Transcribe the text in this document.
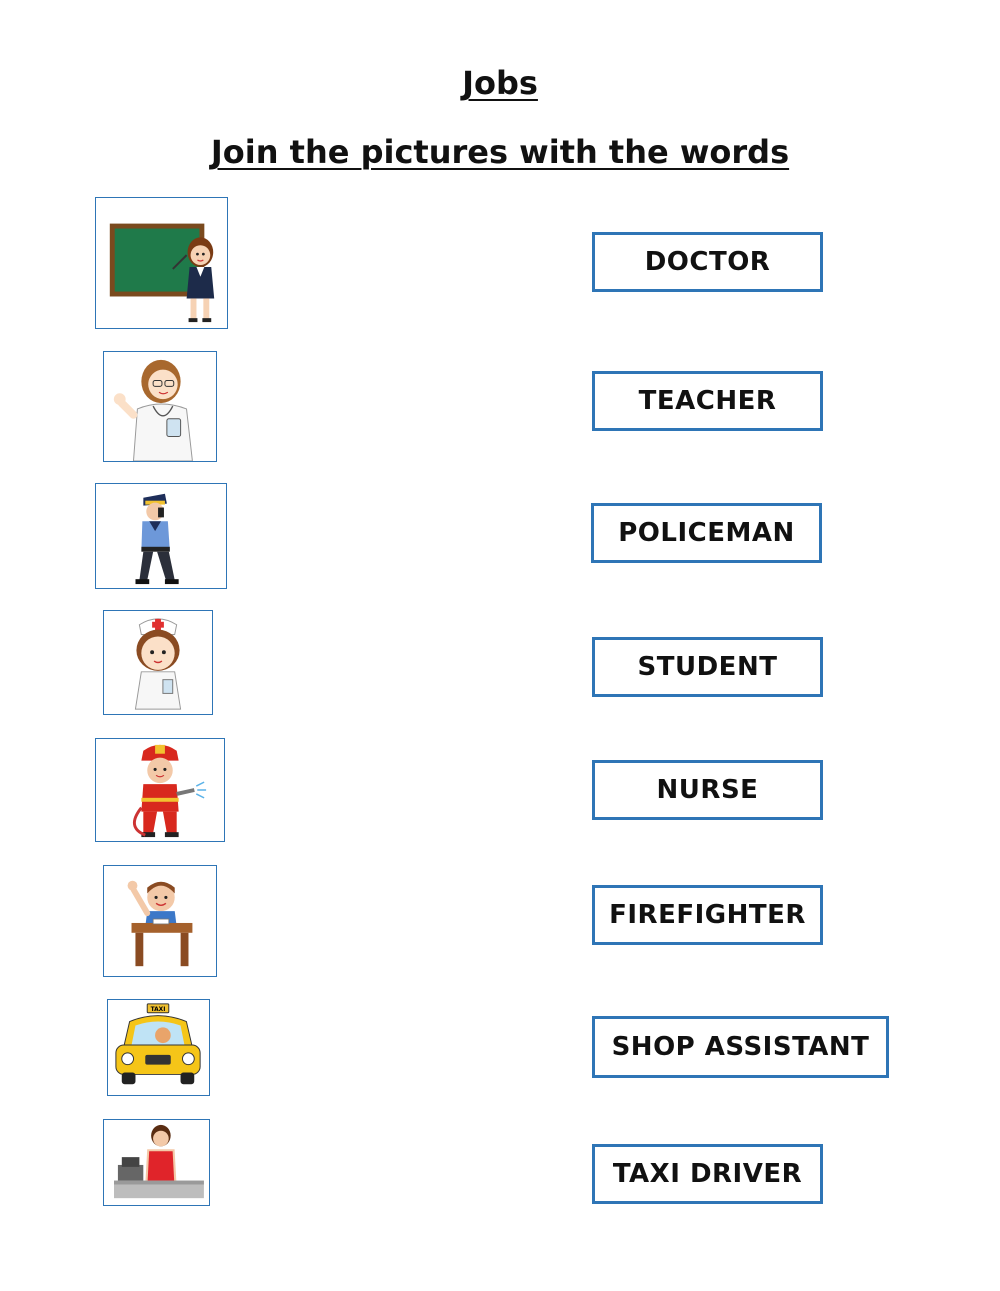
Jobs
Join the pictures with the words
TAXI
DOCTOR
TEACHER
POLICEMAN
STUDENT
NURSE
FIREFIGHTER
SHOP ASSISTANT
TAXI DRIVER
